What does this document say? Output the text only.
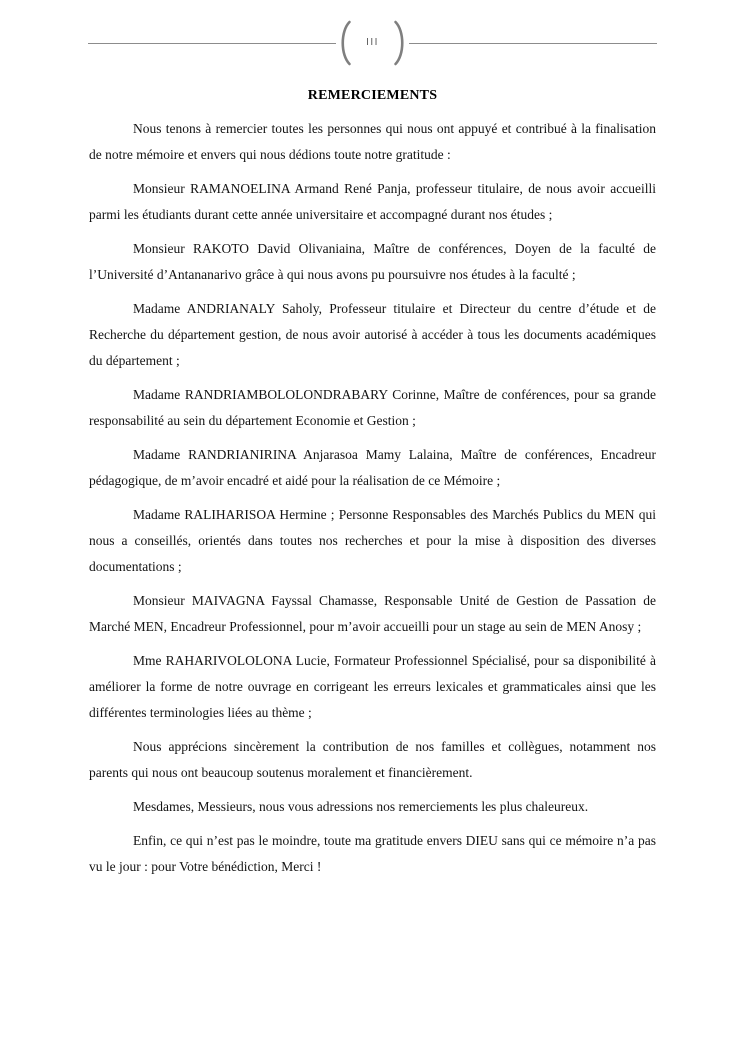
III
REMERCIEMENTS

Nous tenons à remercier toutes les personnes qui nous ont appuyé et contribué à la finalisation de notre mémoire et envers qui nous dédions toute notre gratitude :

Monsieur RAMANOELINA Armand René Panja, professeur titulaire, de nous avoir accueilli parmi les étudiants durant cette année universitaire et accompagné durant nos études ;

Monsieur RAKOTO David Olivaniaina, Maître de conférences, Doyen de la faculté de l’Université d’Antananarivo grâce à qui nous avons pu poursuivre nos études à la faculté ;

Madame ANDRIANALY Saholy, Professeur titulaire et Directeur du centre d’étude et de Recherche du département gestion, de nous avoir autorisé à accéder à tous les documents académiques du département ;

Madame RANDRIAMBOLOLONDRABARY Corinne, Maître de conférences, pour sa grande responsabilité au sein du département Economie et Gestion ;

Madame RANDRIANIRINA Anjarasoa Mamy Lalaina, Maître de conférences, Encadreur pédagogique, de m’avoir encadré et aidé pour la réalisation de ce Mémoire ;

Madame RALIHARISOA Hermine ; Personne Responsables des Marchés Publics du MEN qui nous a conseillés, orientés dans toutes nos recherches et pour la mise à disposition des diverses documentations ;

Monsieur MAIVAGNA Fayssal Chamasse, Responsable Unité de Gestion de Passation de Marché MEN, Encadreur Professionnel, pour m’avoir accueilli pour un stage au sein de MEN Anosy ;

Mme RAHARIVOLOLONA Lucie, Formateur Professionnel Spécialisé, pour sa disponibilité à améliorer la forme de notre ouvrage en corrigeant les erreurs lexicales et grammaticales ainsi que les différentes terminologies liées au thème ;

Nous apprécions sincèrement la contribution de nos familles et collègues, notamment nos parents qui nous ont beaucoup soutenus moralement et financièrement.

Mesdames, Messieurs, nous vous adressions nos remerciements les plus chaleureux.

Enfin, ce qui n’est pas le moindre, toute ma gratitude envers DIEU sans qui ce mémoire n’a pas vu le jour : pour Votre bénédiction, Merci !
